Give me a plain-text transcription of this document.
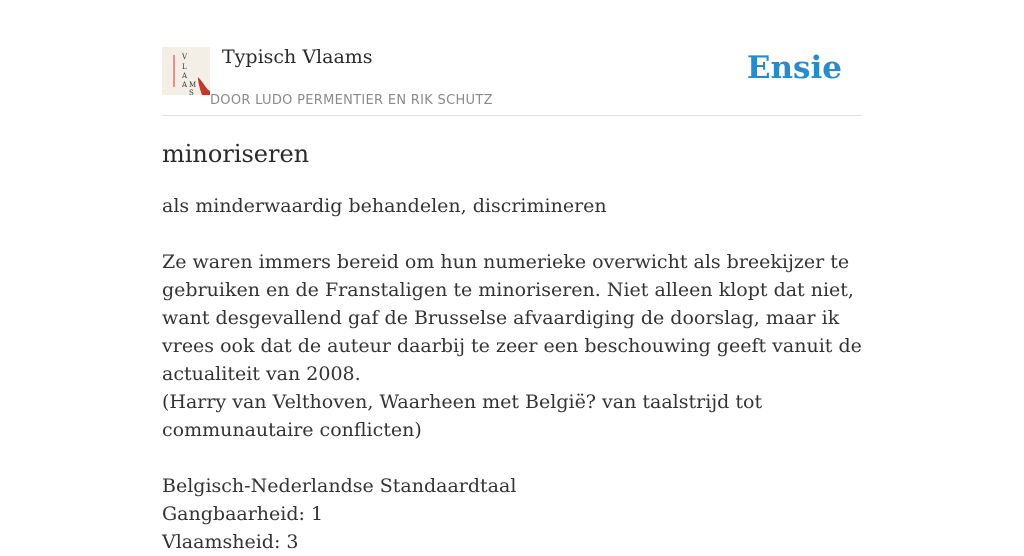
V
L
A
A M
S
Typisch Vlaams
DOOR LUDO PERMENTIER EN RIK SCHUTZ
Ensie
minoriseren

als minderwaardig behandelen, discrimineren

Ze waren immers bereid om hun numerieke overwicht als breekijzer te gebruiken en de Franstaligen te minoriseren. Niet alleen klopt dat niet, want desgevallend gaf de Brusselse afvaardiging de doorslag, maar ik vrees ook dat de auteur daarbij te zeer een beschouwing geeft vanuit de actualiteit van 2008.

(Harry van Velthoven, Waarheen met België? van taalstrijd tot communautaire conflicten)

Belgisch-Nederlandse Standaardtaal

Gangbaarheid: 1

Vlaamsheid: 3
